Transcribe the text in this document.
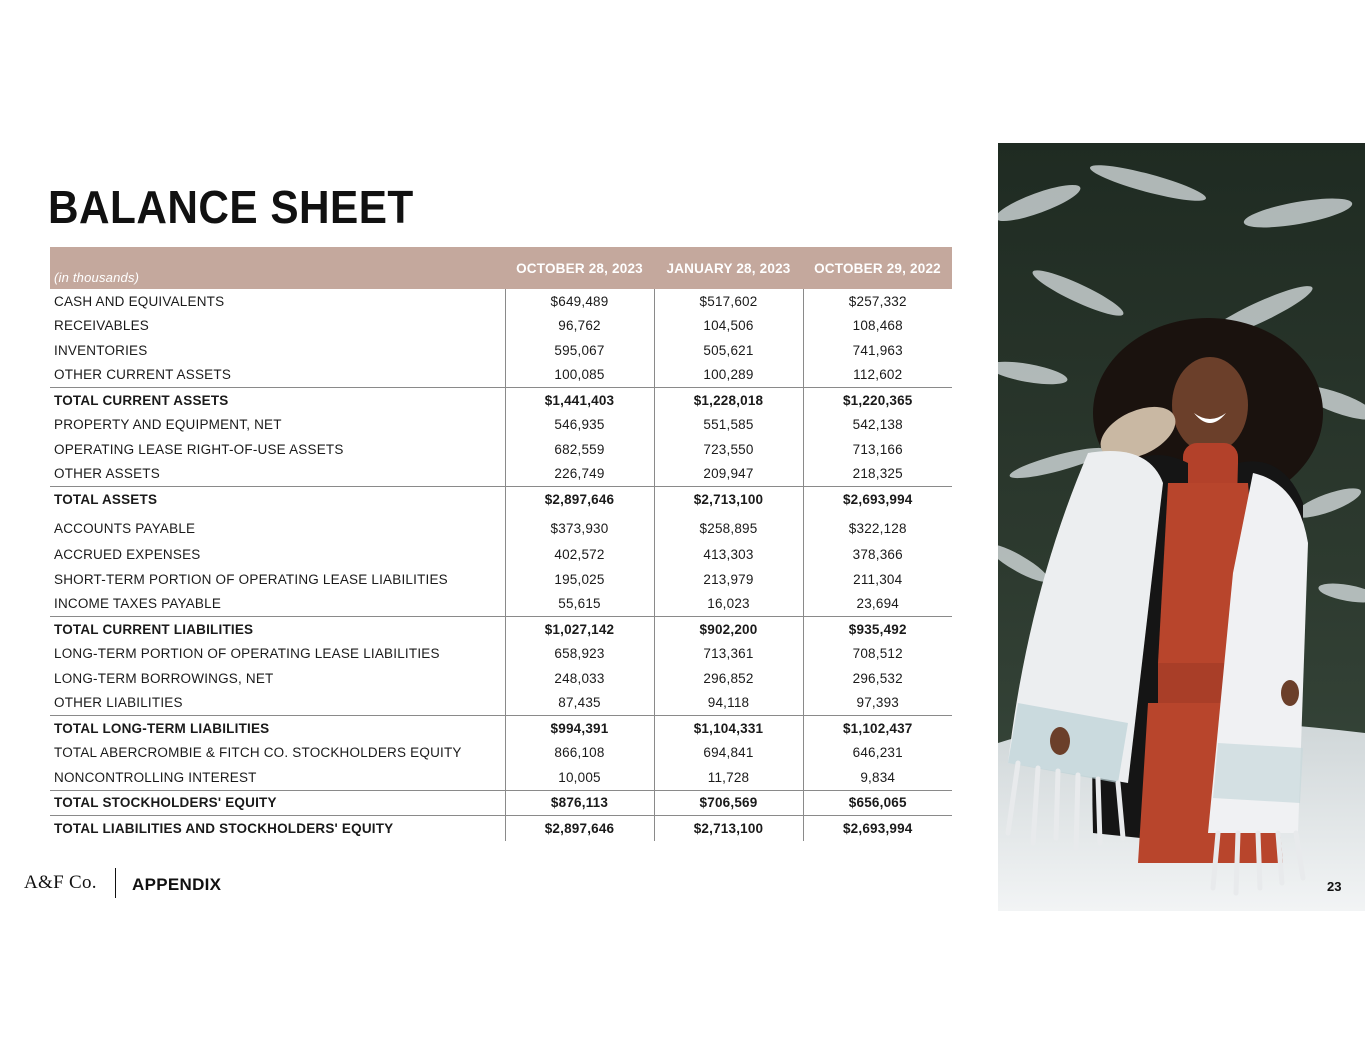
BALANCE SHEET
(in thousands)	OCTOBER 28, 2023	JANUARY 28, 2023	OCTOBER 29, 2022
CASH AND EQUIVALENTS	$649,489	$517,602	$257,332
RECEIVABLES	96,762	104,506	108,468
INVENTORIES	595,067	505,621	741,963
OTHER CURRENT ASSETS	100,085	100,289	112,602
TOTAL CURRENT ASSETS	$1,441,403	$1,228,018	$1,220,365
PROPERTY AND EQUIPMENT, NET	546,935	551,585	542,138
OPERATING LEASE RIGHT-OF-USE ASSETS	682,559	723,550	713,166
OTHER ASSETS	226,749	209,947	218,325
TOTAL ASSETS	$2,897,646	$2,713,100	$2,693,994
ACCOUNTS PAYABLE	$373,930	$258,895	$322,128
ACCRUED EXPENSES	402,572	413,303	378,366
SHORT-TERM PORTION OF OPERATING LEASE LIABILITIES	195,025	213,979	211,304
INCOME TAXES PAYABLE	55,615	16,023	23,694
TOTAL CURRENT LIABILITIES	$1,027,142	$902,200	$935,492
LONG-TERM PORTION OF OPERATING LEASE LIABILITIES	658,923	713,361	708,512
LONG-TERM BORROWINGS, NET	248,033	296,852	296,532
OTHER LIABILITIES	87,435	94,118	97,393
TOTAL LONG-TERM LIABILITIES	$994,391	$1,104,331	$1,102,437
TOTAL ABERCROMBIE & FITCH CO. STOCKHOLDERS EQUITY	866,108	694,841	646,231
NONCONTROLLING INTEREST	10,005	11,728	9,834
TOTAL STOCKHOLDERS' EQUITY	$876,113	$706,569	$656,065
TOTAL LIABILITIES AND STOCKHOLDERS' EQUITY	$2,897,646	$2,713,100	$2,693,994
A&F Co. APPENDIX	23
